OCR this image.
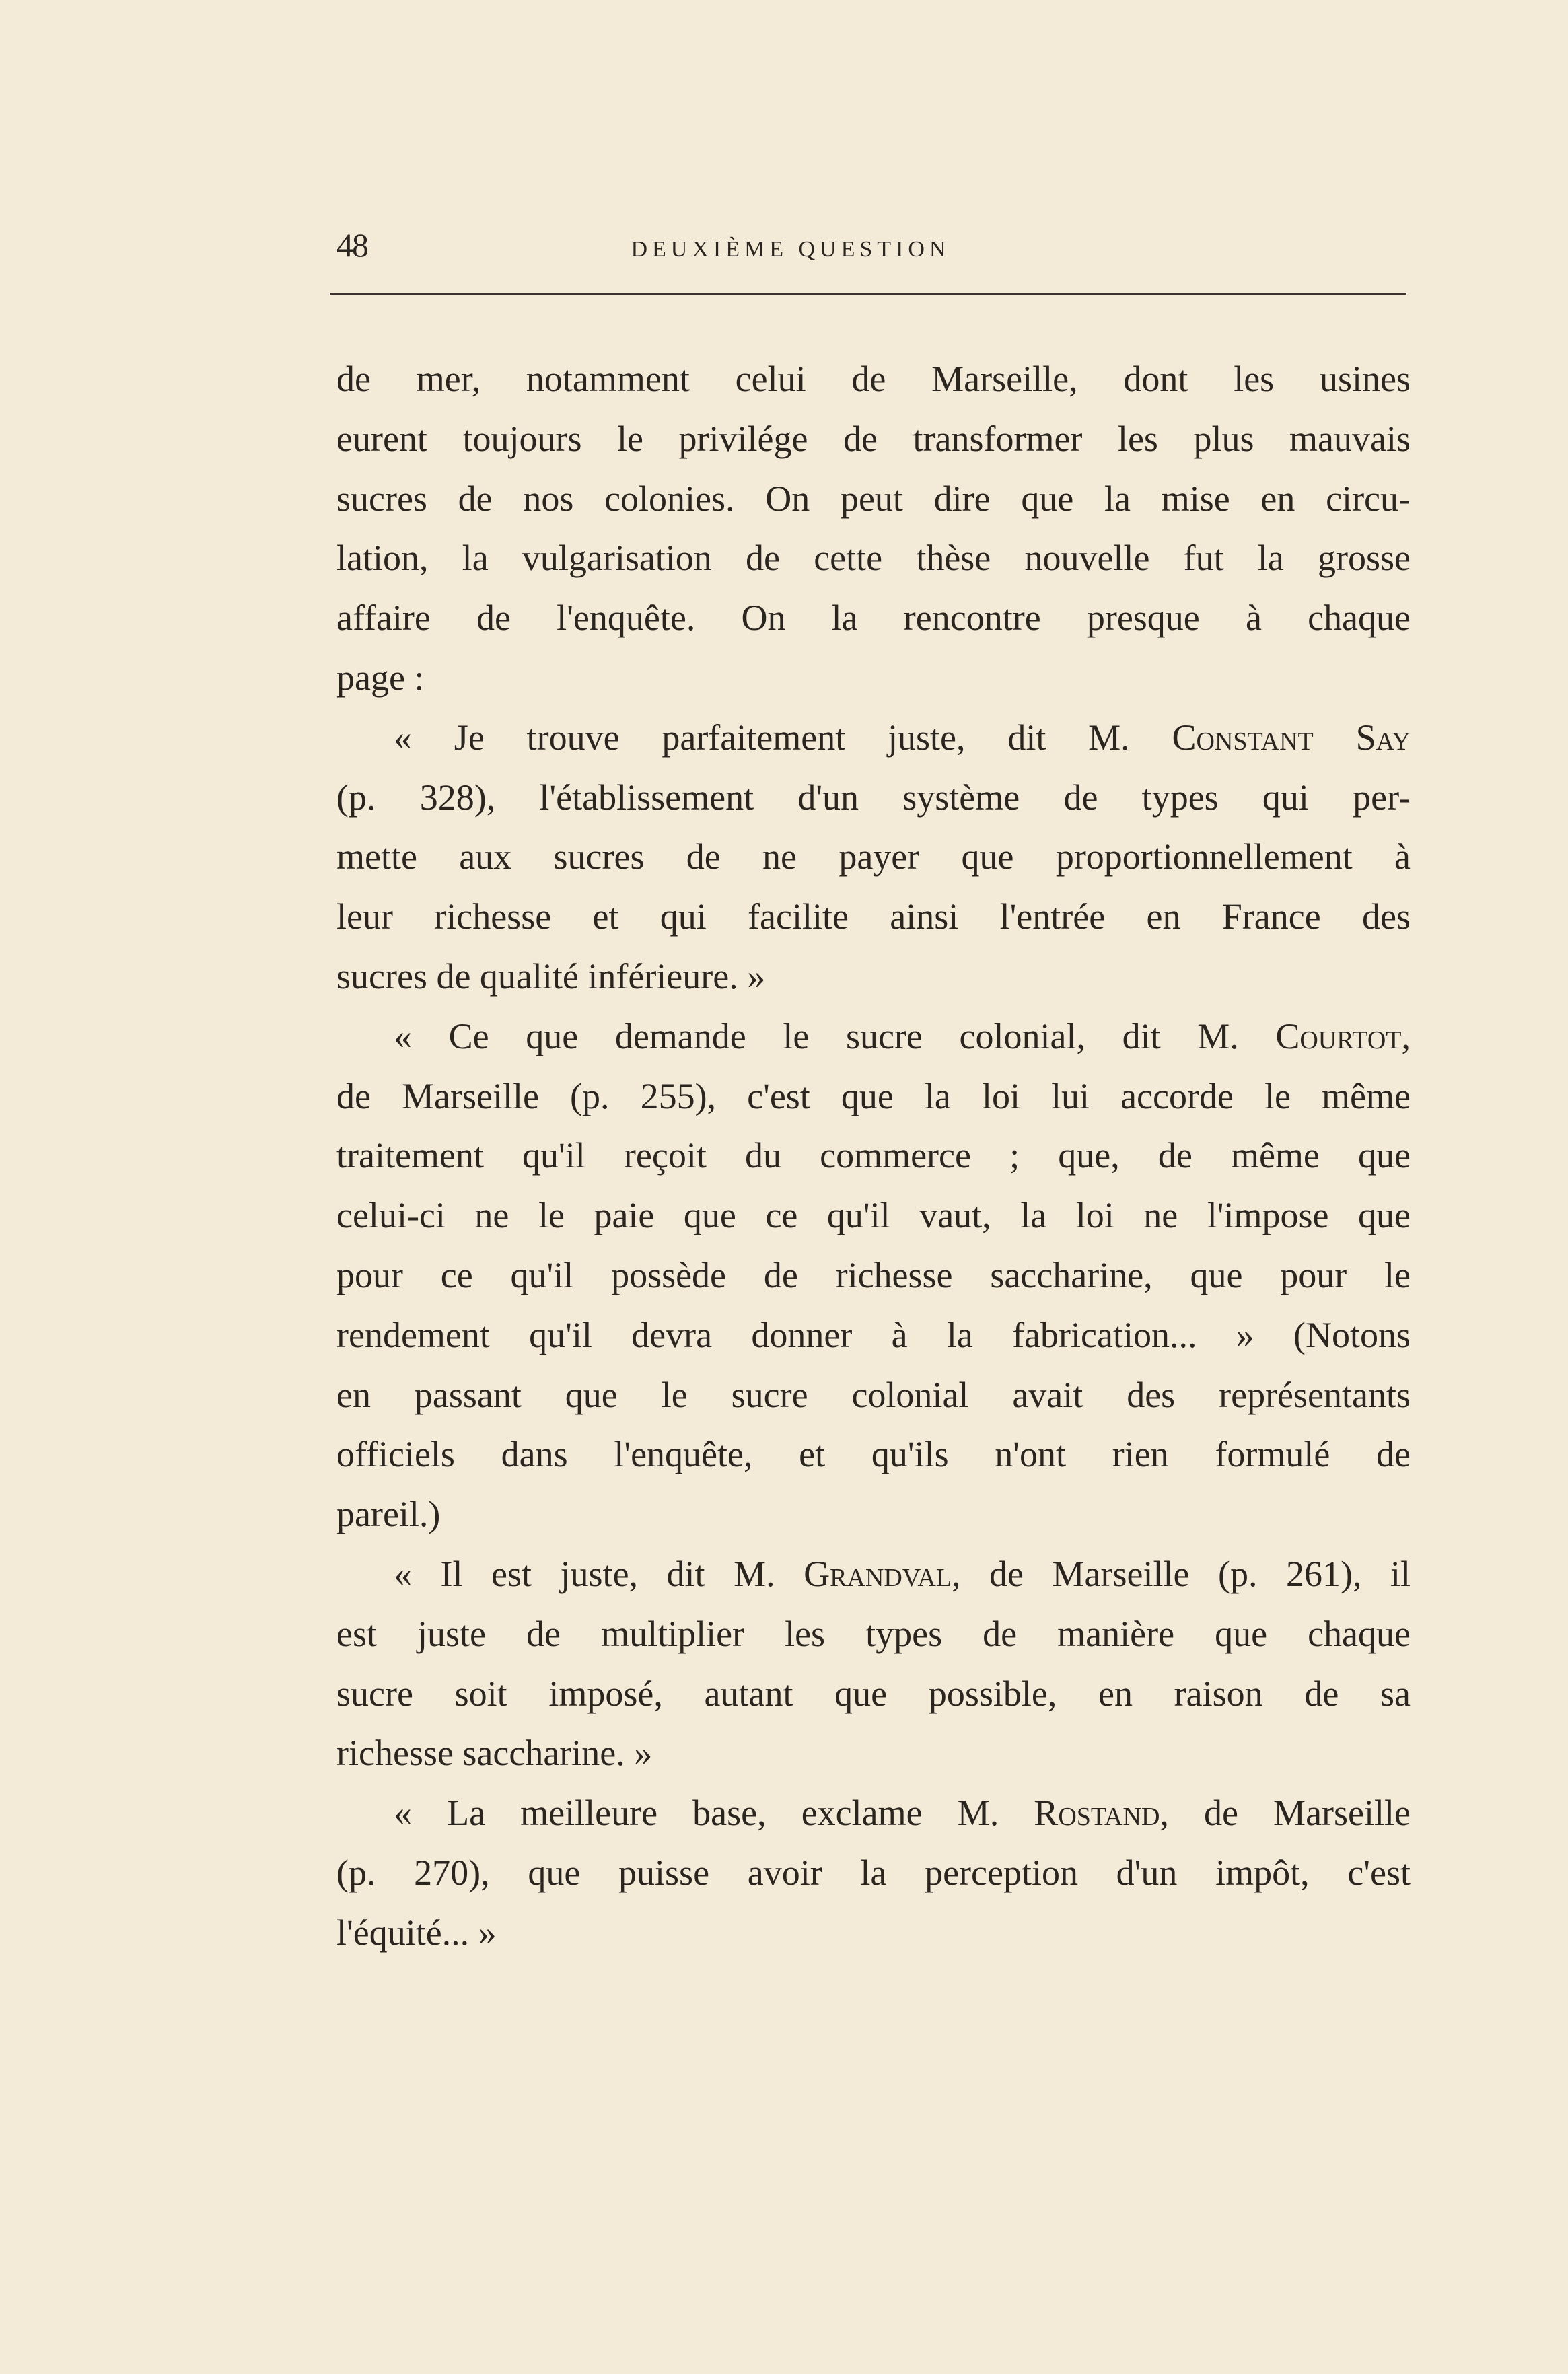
48	DEUXIÈME QUESTION
de mer, notamment celui de Marseille, dont les usines
eurent toujours le privilége de transformer les plus mauvais
sucres de nos colonies. On peut dire que la mise en circu-
lation, la vulgarisation de cette thèse nouvelle fut la grosse
affaire de l'enquête. On la rencontre presque à chaque
page :
« Je trouve parfaitement juste, dit M. Constant Say
(p. 328), l'établissement d'un système de types qui per-
mette aux sucres de ne payer que proportionnellement à
leur richesse et qui facilite ainsi l'entrée en France des
sucres de qualité inférieure. »
« Ce que demande le sucre colonial, dit M. Courtot,
de Marseille (p. 255), c'est que la loi lui accorde le même
traitement qu'il reçoit du commerce ; que, de même que
celui-ci ne le paie que ce qu'il vaut, la loi ne l'impose que
pour ce qu'il possède de richesse saccharine, que pour le
rendement qu'il devra donner à la fabrication... » (Notons
en passant que le sucre colonial avait des représentants
officiels dans l'enquête, et qu'ils n'ont rien formulé de
pareil.)
« Il est juste, dit M. Grandval, de Marseille (p. 261), il
est juste de multiplier les types de manière que chaque
sucre soit imposé, autant que possible, en raison de sa
richesse saccharine. »
« La meilleure base, exclame M. Rostand, de Marseille
(p. 270), que puisse avoir la perception d'un impôt, c'est
l'équité... »
